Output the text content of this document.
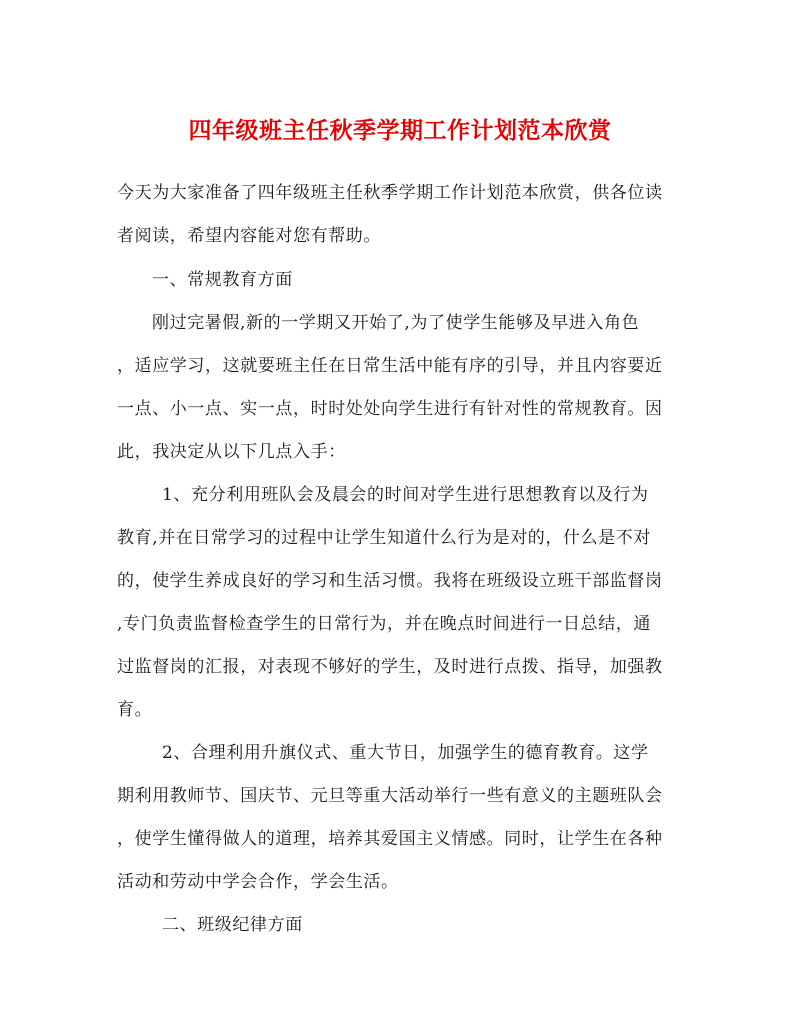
四年级班主任秋季学期工作计划范本欣赏
今天为大家准备了四年级班主任秋季学期工作计划范本欣赏，供各位读
者阅读，希望内容能对您有帮助。
一、常规教育方面
刚过完暑假,新的一学期又开始了,为了使学生能够及早进入角色
，适应学习，这就要班主任在日常生活中能有序的引导，并且内容要近
一点、小一点、实一点，时时处处向学生进行有针对性的常规教育。因
此，我决定从以下几点入手：
1、充分利用班队会及晨会的时间对学生进行思想教育以及行为
教育,并在日常学习的过程中让学生知道什么行为是对的，什么是不对
的，使学生养成良好的学习和生活习惯。我将在班级设立班干部监督岗
,专门负责监督检查学生的日常行为，并在晚点时间进行一日总结，通
过监督岗的汇报，对表现不够好的学生，及时进行点拨、指导，加强教
育。
2、合理利用升旗仪式、重大节日，加强学生的德育教育。这学
期利用教师节、国庆节、元旦等重大活动举行一些有意义的主题班队会
，使学生懂得做人的道理，培养其爱国主义情感。同时，让学生在各种
活动和劳动中学会合作，学会生活。
二、班级纪律方面
